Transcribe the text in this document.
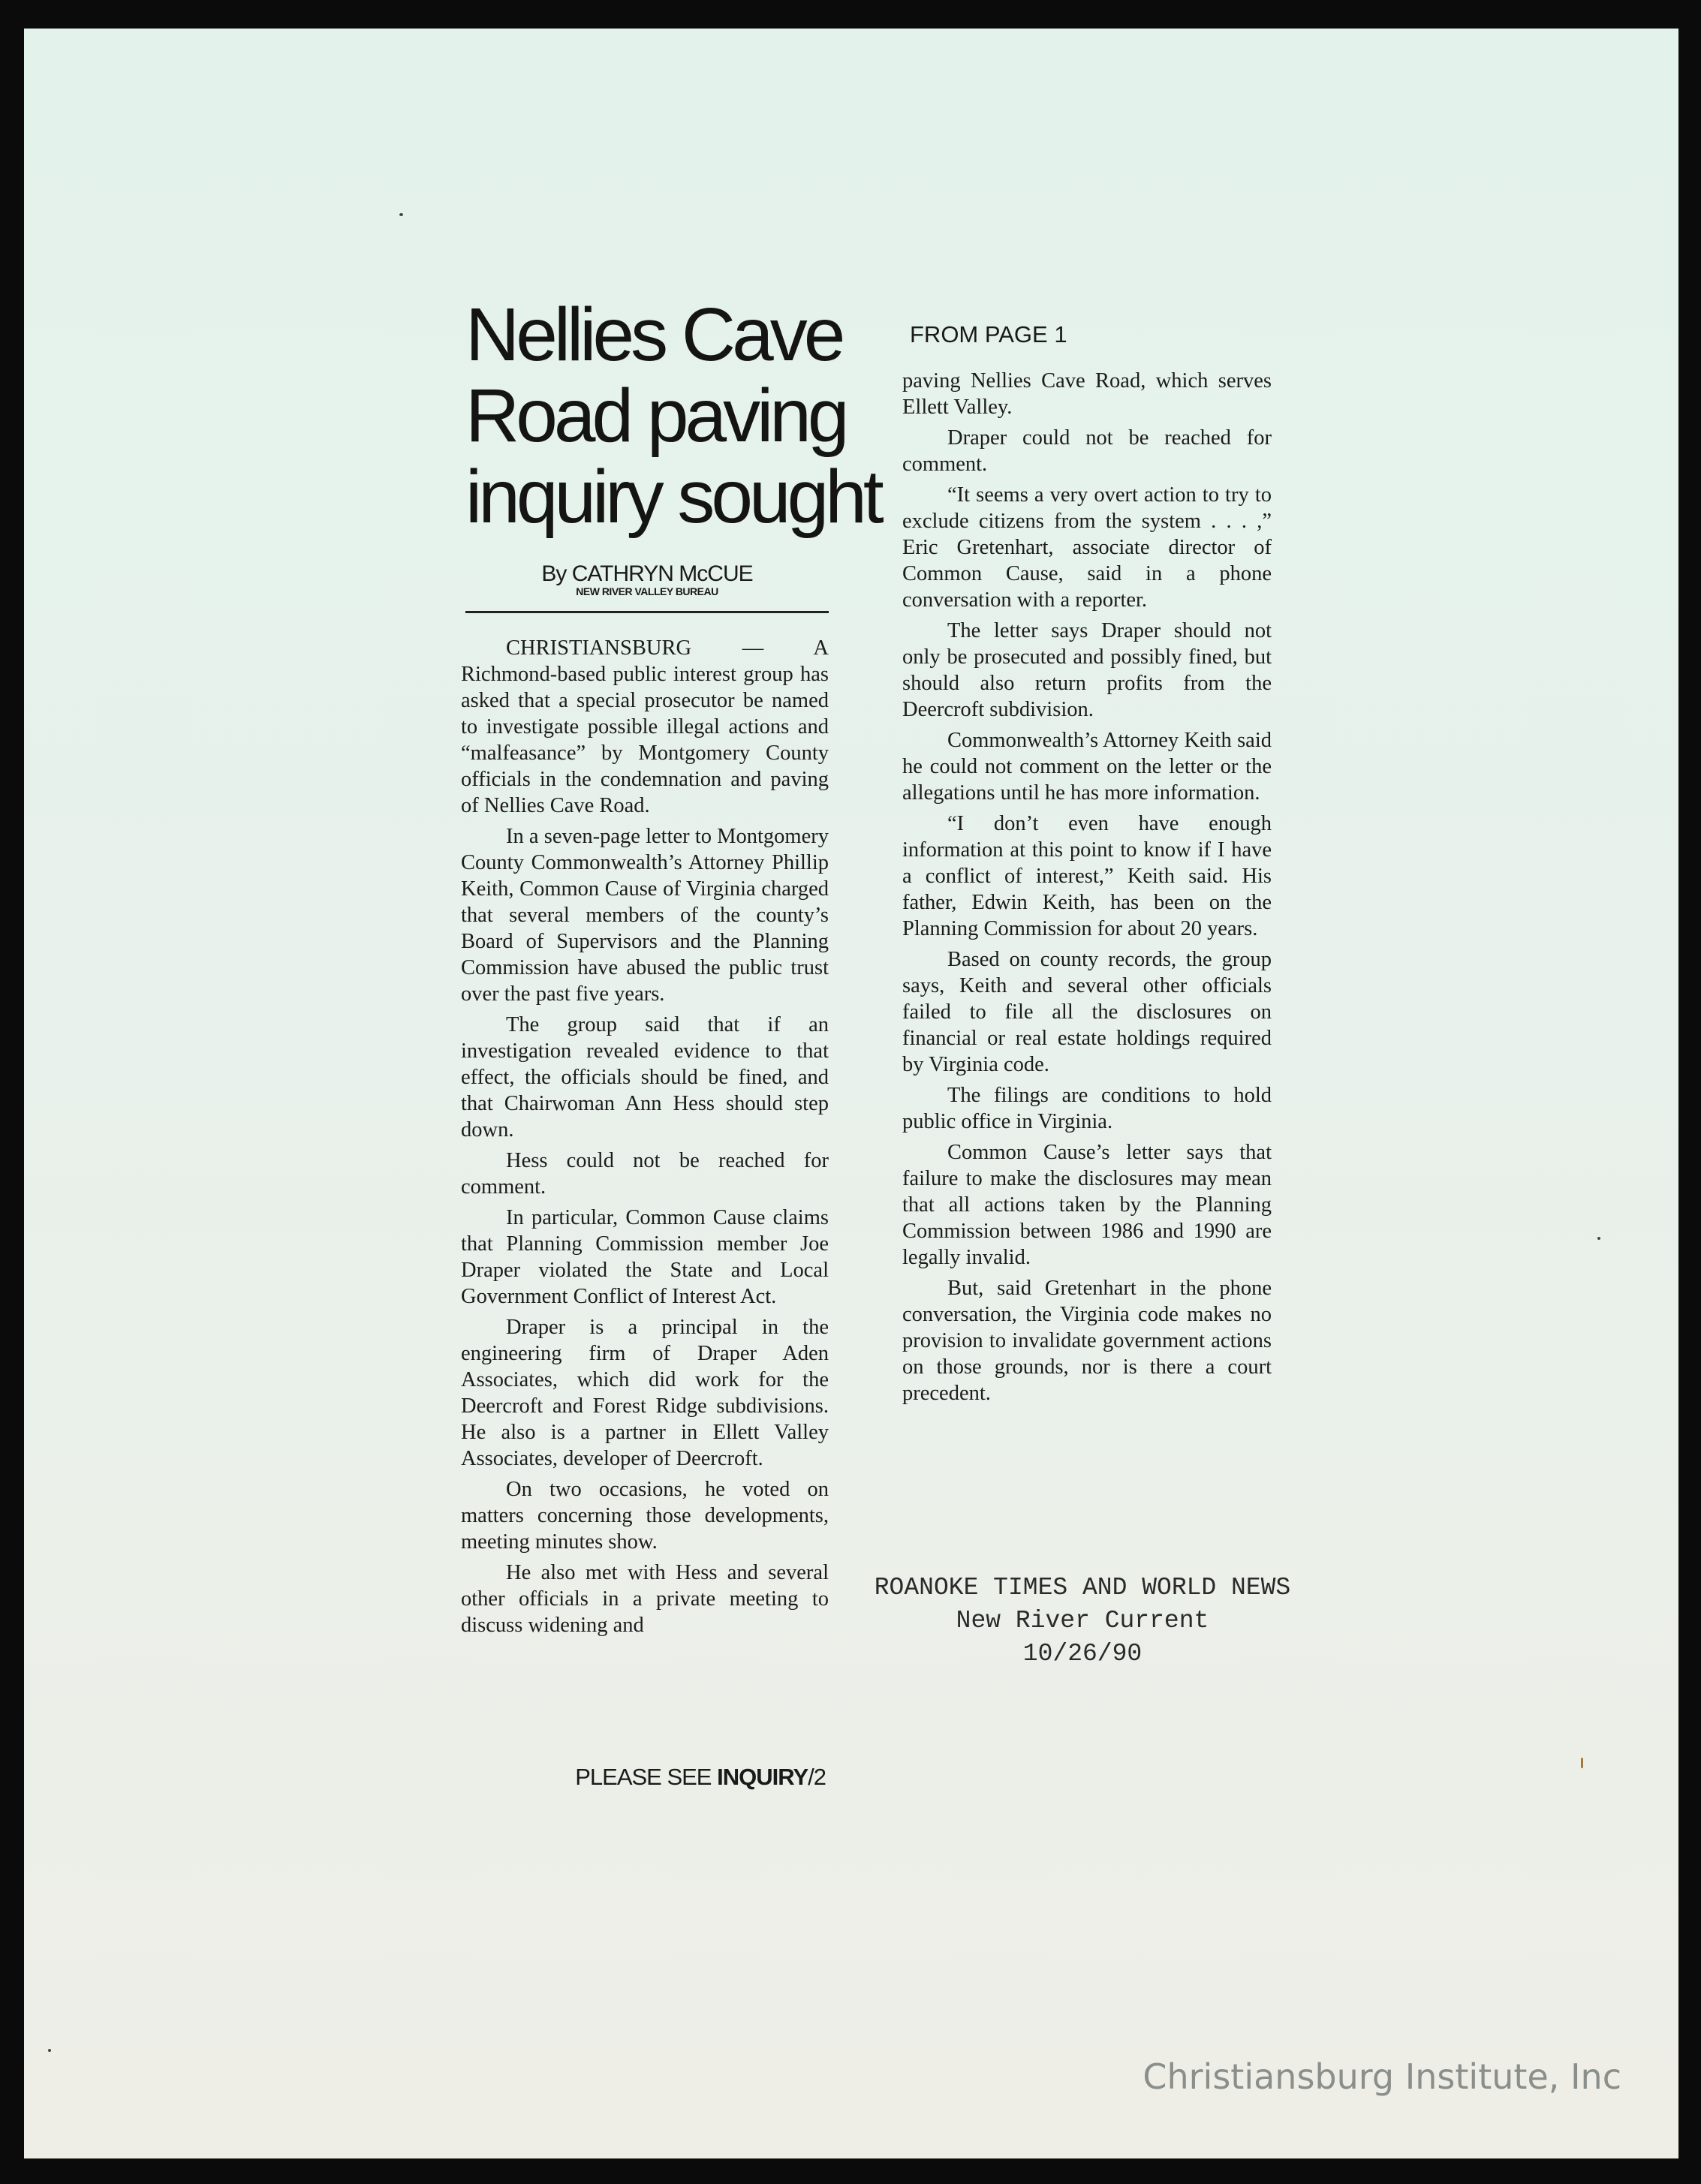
Nellies Cave
Road paving
inquiry sought
By CATHRYN McCUE
NEW RIVER VALLEY BUREAU

CHRISTIANSBURG — A Richmond-based public interest group has asked that a special prosecutor be named to investigate possible illegal actions and “malfeasance” by Montgomery County officials in the condemnation and paving of Nellies Cave Road.

In a seven-page letter to Montgomery County Commonwealth’s Attorney Phillip Keith, Common Cause of Virginia charged that several members of the county’s Board of Supervisors and the Planning Commission have abused the public trust over the past five years.

The group said that if an investigation revealed evidence to that effect, the officials should be fined, and that Chairwoman Ann Hess should step down.

Hess could not be reached for comment.

In particular, Common Cause claims that Planning Commission member Joe Draper violated the State and Local Government Conflict of Interest Act.

Draper is a principal in the engineering firm of Draper Aden Associates, which did work for the Deercroft and Forest Ridge subdivisions. He also is a partner in Ellett Valley Associates, developer of Deercroft.

On two occasions, he voted on matters concerning those developments, meeting minutes show.

He also met with Hess and several other officials in a private meeting to discuss widening and

PLEASE SEE INQUIRY/2
FROM PAGE 1

paving Nellies Cave Road, which serves Ellett Valley.

Draper could not be reached for comment.

“It seems a very overt action to try to exclude citizens from the system . . . ,” Eric Gretenhart, associate director of Common Cause, said in a phone conversation with a reporter.

The letter says Draper should not only be prosecuted and possibly fined, but should also return profits from the Deercroft subdivision.

Commonwealth’s Attorney Keith said he could not comment on the letter or the allegations until he has more information.

“I don’t even have enough information at this point to know if I have a conflict of interest,” Keith said. His father, Edwin Keith, has been on the Planning Commission for about 20 years.

Based on county records, the group says, Keith and several other officials failed to file all the disclosures on financial or real estate holdings required by Virginia code.

The filings are conditions to hold public office in Virginia.

Common Cause’s letter says that failure to make the disclosures may mean that all actions taken by the Planning Commission between 1986 and 1990 are legally invalid.

But, said Gretenhart in the phone conversation, the Virginia code makes no provision to invalidate government actions on those grounds, nor is there a court precedent.

ROANOKE TIMES AND WORLD NEWS
New River Current
10/26/90
Christiansburg Institute, Inc
